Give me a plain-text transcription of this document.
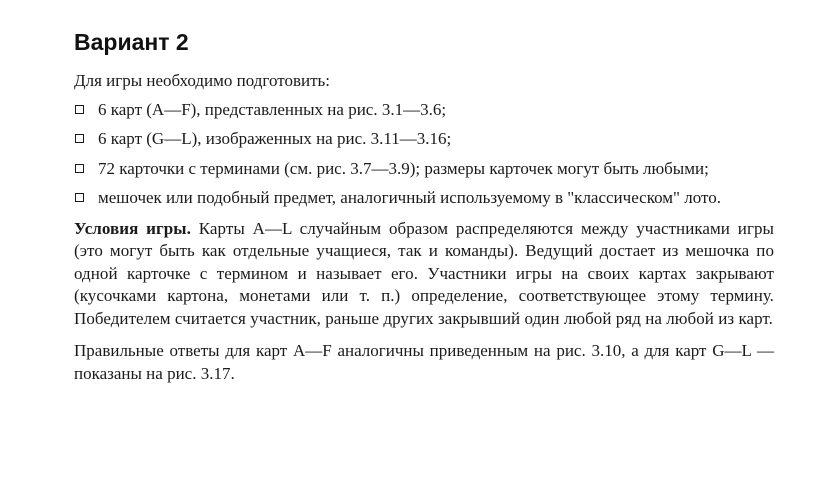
Вариант 2
Для игры необходимо подготовить:
6 карт (A—F), представленных на рис. 3.1—3.6;
6 карт (G—L), изображенных на рис. 3.11—3.16;
72 карточки с терминами (см. рис. 3.7—3.9); размеры карточек могут быть любыми;
мешочек или подобный предмет, аналогичный используемому в "классическом" лото.

Условия игры. Карты A—L случайным образом распределяются между участниками игры (это могут быть как отдельные учащиеся, так и команды). Ведущий достает из мешочка по одной карточке с термином и называет его. Участники игры на своих картах закрывают (кусочками картона, монетами или т. п.) определение, соответствующее этому термину. Победителем считается участник, раньше других закрывший один любой ряд на любой из карт.

Правильные ответы для карт A—F аналогичны приведенным на рис. 3.10, а для карт G—L — показаны на рис. 3.17.
